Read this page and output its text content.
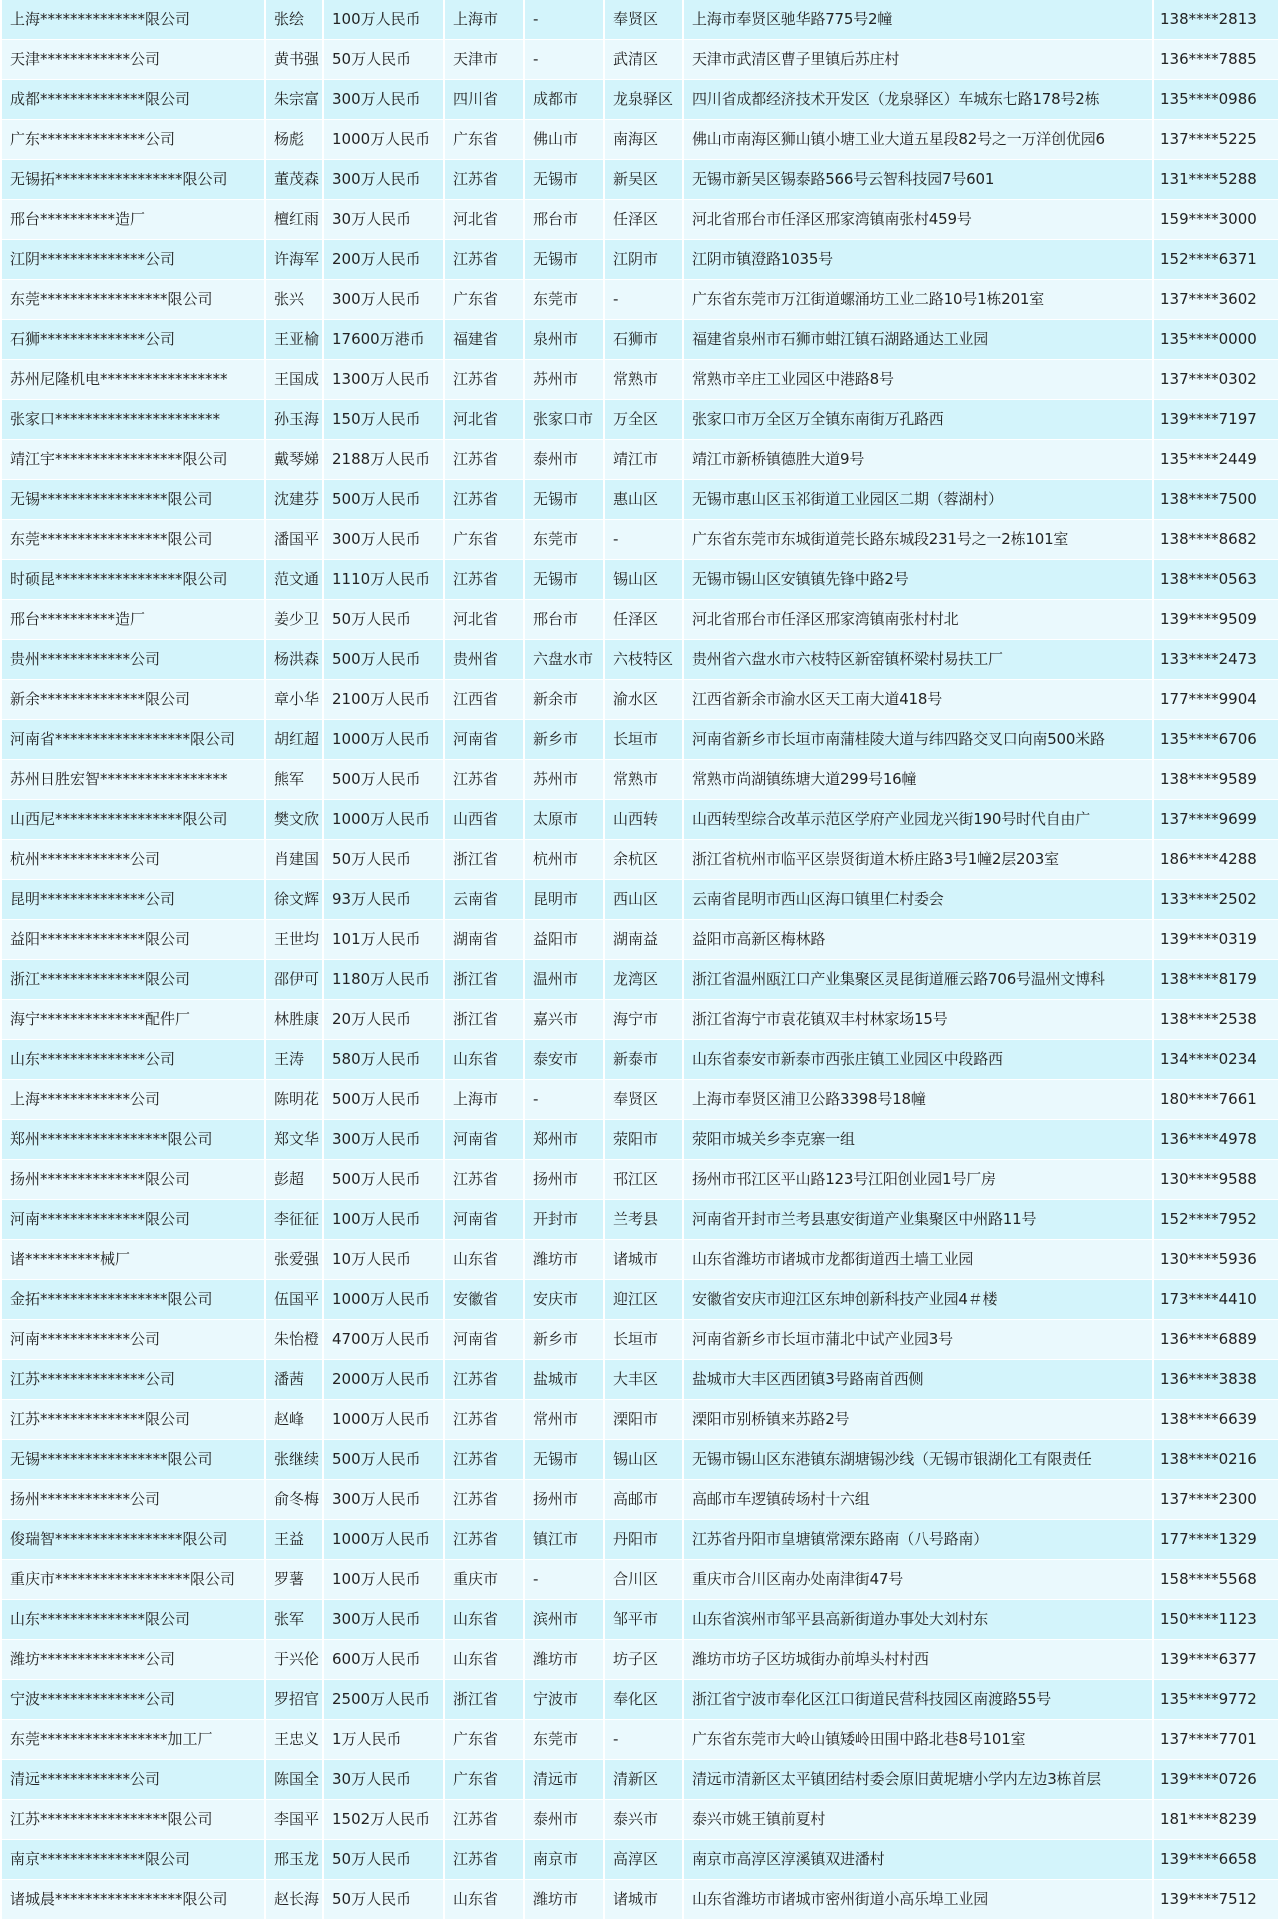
上海**************限公司	张绘	100万人民币	上海市	-	奉贤区	上海市奉贤区驰华路775号2幢	138****2813
天津************公司	黄书强	50万人民币	天津市	-	武清区	天津市武清区曹子里镇后苏庄村	136****7885
成都**************限公司	朱宗富	300万人民币	四川省	成都市	龙泉驿区	四川省成都经济技术开发区（龙泉驿区）车城东七路178号2栋	135****0986
广东**************公司	杨彪	1000万人民币	广东省	佛山市	南海区	佛山市南海区狮山镇小塘工业大道五星段82号之一万洋创优园6	137****5225
无锡拓*****************限公司	董茂森	300万人民币	江苏省	无锡市	新吴区	无锡市新吴区锡泰路566号云智科技园7号601	131****5288
邢台**********造厂	檀红雨	30万人民币	河北省	邢台市	任泽区	河北省邢台市任泽区邢家湾镇南张村459号	159****3000
江阴**************公司	许海军	200万人民币	江苏省	无锡市	江阴市	江阴市镇澄路1035号	152****6371
东莞*****************限公司	张兴	300万人民币	广东省	东莞市	-	广东省东莞市万江街道螺涌坊工业二路10号1栋201室	137****3602
石狮**************公司	王亚榆	17600万港币	福建省	泉州市	石狮市	福建省泉州市石狮市蚶江镇石湖路通达工业园	135****0000
苏州尼隆机电*****************	王国成	1300万人民币	江苏省	苏州市	常熟市	常熟市辛庄工业园区中港路8号	137****0302
张家口**********************	孙玉海	150万人民币	河北省	张家口市	万全区	张家口市万全区万全镇东南街万孔路西	139****7197
靖江宇*****************限公司	戴琴娣	2188万人民币	江苏省	泰州市	靖江市	靖江市新桥镇德胜大道9号	135****2449
无锡*****************限公司	沈建芬	500万人民币	江苏省	无锡市	惠山区	无锡市惠山区玉祁街道工业园区二期（蓉湖村）	138****7500
东莞*****************限公司	潘国平	300万人民币	广东省	东莞市	-	广东省东莞市东城街道莞长路东城段231号之一2栋101室	138****8682
时硕昆*****************限公司	范文通	1110万人民币	江苏省	无锡市	锡山区	无锡市锡山区安镇镇先锋中路2号	138****0563
邢台**********造厂	姜少卫	50万人民币	河北省	邢台市	任泽区	河北省邢台市任泽区邢家湾镇南张村村北	139****9509
贵州************公司	杨洪森	500万人民币	贵州省	六盘水市	六枝特区	贵州省六盘水市六枝特区新窑镇杯梁村易扶工厂	133****2473
新余**************限公司	章小华	2100万人民币	江西省	新余市	渝水区	江西省新余市渝水区天工南大道418号	177****9904
河南省******************限公司	胡红超	1000万人民币	河南省	新乡市	长垣市	河南省新乡市长垣市南蒲桂陵大道与纬四路交叉口向南500米路	135****6706
苏州日胜宏智*****************	熊军	500万人民币	江苏省	苏州市	常熟市	常熟市尚湖镇练塘大道299号16幢	138****9589
山西尼*****************限公司	樊文欣	1000万人民币	山西省	太原市	山西转	山西转型综合改革示范区学府产业园龙兴街190号时代自由广	137****9699
杭州************公司	肖建国	50万人民币	浙江省	杭州市	余杭区	浙江省杭州市临平区崇贤街道木桥庄路3号1幢2层203室	186****4288
昆明**************公司	徐文辉	93万人民币	云南省	昆明市	西山区	云南省昆明市西山区海口镇里仁村委会	133****2502
益阳**************限公司	王世均	101万人民币	湖南省	益阳市	湖南益	益阳市高新区梅林路	139****0319
浙江**************限公司	邵伊可	1180万人民币	浙江省	温州市	龙湾区	浙江省温州瓯江口产业集聚区灵昆街道雁云路706号温州文博科	138****8179
海宁**************配件厂	林胜康	20万人民币	浙江省	嘉兴市	海宁市	浙江省海宁市袁花镇双丰村林家场15号	138****2538
山东**************公司	王涛	580万人民币	山东省	泰安市	新泰市	山东省泰安市新泰市西张庄镇工业园区中段路西	134****0234
上海************公司	陈明花	500万人民币	上海市	-	奉贤区	上海市奉贤区浦卫公路3398号18幢	180****7661
郑州*****************限公司	郑文华	300万人民币	河南省	郑州市	荥阳市	荥阳市城关乡李克寨一组	136****4978
扬州**************限公司	彭超	500万人民币	江苏省	扬州市	邗江区	扬州市邗江区平山路123号江阳创业园1号厂房	130****9588
河南**************限公司	李征征	100万人民币	河南省	开封市	兰考县	河南省开封市兰考县惠安街道产业集聚区中州路11号	152****7952
诸**********械厂	张爱强	10万人民币	山东省	潍坊市	诸城市	山东省潍坊市诸城市龙都街道西土墙工业园	130****5936
金拓*****************限公司	伍国平	1000万人民币	安徽省	安庆市	迎江区	安徽省安庆市迎江区东坤创新科技产业园4＃楼	173****4410
河南************公司	朱怡橙	4700万人民币	河南省	新乡市	长垣市	河南省新乡市长垣市蒲北中试产业园3号	136****6889
江苏**************公司	潘茜	2000万人民币	江苏省	盐城市	大丰区	盐城市大丰区西团镇3号路南首西侧	136****3838
江苏**************限公司	赵峰	1000万人民币	江苏省	常州市	溧阳市	溧阳市别桥镇来苏路2号	138****6639
无锡*****************限公司	张继续	500万人民币	江苏省	无锡市	锡山区	无锡市锡山区东港镇东湖塘锡沙线（无锡市银湖化工有限责任	138****0216
扬州************公司	俞冬梅	300万人民币	江苏省	扬州市	高邮市	高邮市车逻镇砖场村十六组	137****2300
俊瑞智*****************限公司	王益	1000万人民币	江苏省	镇江市	丹阳市	江苏省丹阳市皇塘镇常溧东路南（八号路南）	177****1329
重庆市******************限公司	罗薯	100万人民币	重庆市	-	合川区	重庆市合川区南办处南津街47号	158****5568
山东**************限公司	张军	300万人民币	山东省	滨州市	邹平市	山东省滨州市邹平县高新街道办事处大刘村东	150****1123
潍坊**************公司	于兴伦	600万人民币	山东省	潍坊市	坊子区	潍坊市坊子区坊城街办前埠头村村西	139****6377
宁波**************公司	罗招官	2500万人民币	浙江省	宁波市	奉化区	浙江省宁波市奉化区江口街道民营科技园区南渡路55号	135****9772
东莞*****************加工厂	王忠义	1万人民币	广东省	东莞市	-	广东省东莞市大岭山镇矮岭田围中路北巷8号101室	137****7701
清远************公司	陈国全	30万人民币	广东省	清远市	清新区	清远市清新区太平镇团结村委会原旧黄坭塘小学内左边3栋首层	139****0726
江苏*****************限公司	李国平	1502万人民币	江苏省	泰州市	泰兴市	泰兴市姚王镇前夏村	181****8239
南京**************限公司	邢玉龙	50万人民币	江苏省	南京市	高淳区	南京市高淳区淳溪镇双进潘村	139****6658
诸城晨*****************限公司	赵长海	50万人民币	山东省	潍坊市	诸城市	山东省潍坊市诸城市密州街道小高乐埠工业园	139****7512
